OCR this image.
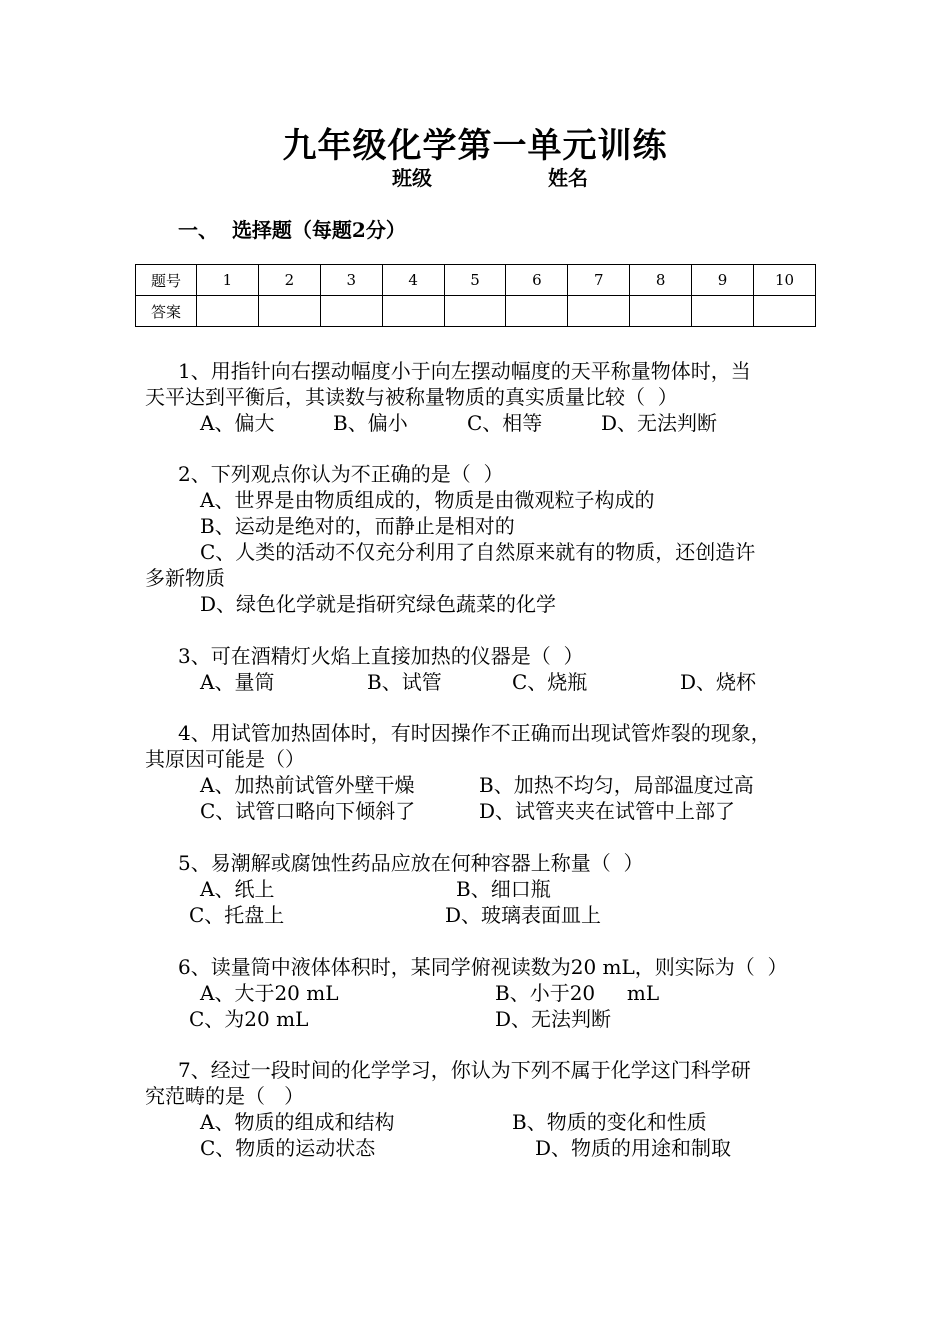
九年级化学第一单元训练
班级	姓名
一、 选择题（每题2分）
题号	1	2	3	4	5	6	7	8	9	10
答案										
1、用指针向右摆动幅度小于向左摆动幅度的天平称量物体时，当
天平达到平衡后，其读数与被称量物质的真实质量比较（  ）
A、偏大	B、偏小	C、相等	D、无法判断
2、下列观点你认为不正确的是（  ）
A、世界是由物质组成的，物质是由微观粒子构成的
B、运动是绝对的，而静止是相对的
C、人类的活动不仅充分利用了自然原来就有的物质，还创造许
多新物质
D、绿色化学就是指研究绿色蔬菜的化学
3、可在酒精灯火焰上直接加热的仪器是（  ）
A、量筒	B、试管	C、烧瓶	D、烧杯
4、用试管加热固体时，有时因操作不正确而出现试管炸裂的现象，
其原因可能是（）
A、加热前试管外壁干燥	B、加热不均匀，局部温度过高
C、试管口略向下倾斜了	D、试管夹夹在试管中上部了
5、易潮解或腐蚀性药品应放在何种容器上称量（  ）
A、纸上	B、细口瓶
C、托盘上	D、玻璃表面皿上
6、读量筒中液体体积时，某同学俯视读数为20 mL，则实际为（  ）
A、大于20 mL	B、小于20     mL
C、为20 mL	D、无法判断
7、经过一段时间的化学学习，你认为下列不属于化学这门科学研
究范畴的是（   ）
A、物质的组成和结构	B、物质的变化和性质
C、物质的运动状态	D、物质的用途和制取
